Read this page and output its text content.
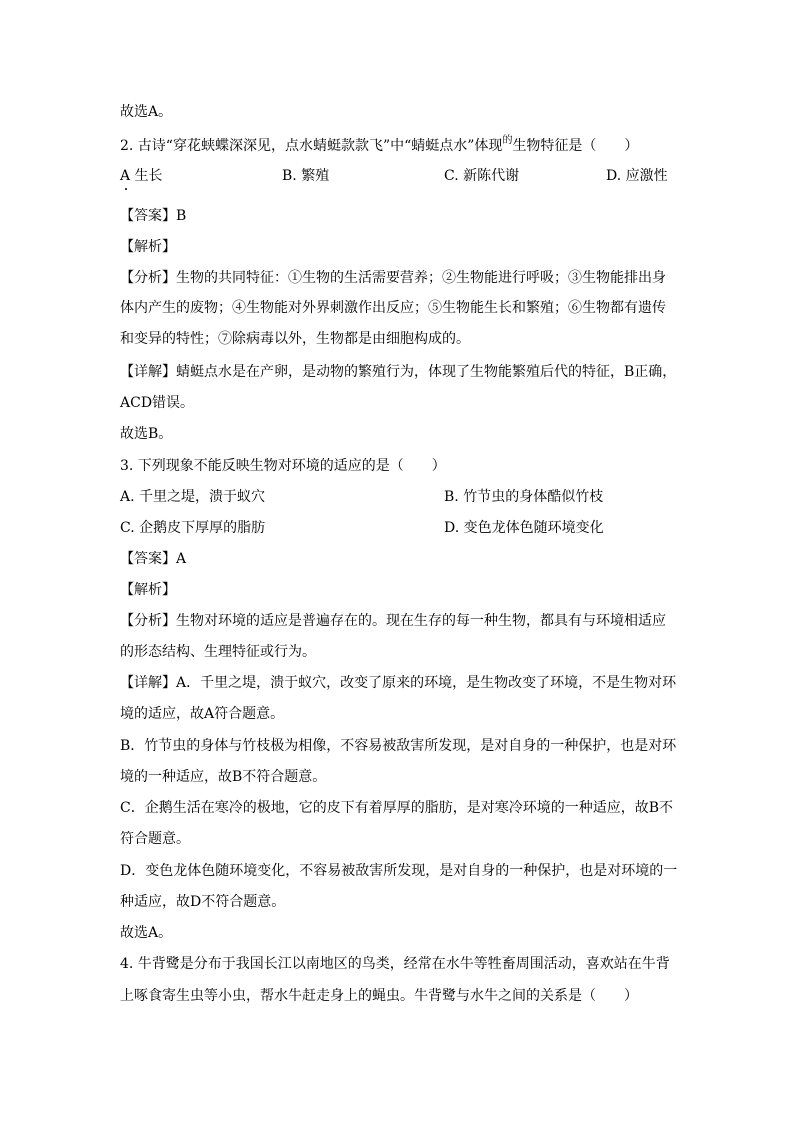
故选A。

2. 古诗“穿花蛱蝶深深见，点水蜻蜓款款飞”中“蜻蜓点水”体现$^的$生物特征是（　　）

A 生长	B. 繁殖	C. 新陈代谢	D. 应激性

【答案】B

【解析】

【分析】生物的共同特征：①生物的生活需要营养；②生物能进行呼吸；③生物能排出身

体内产生的废物；④生物能对外界刺激作出反应；⑤生物能生长和繁殖；⑥生物都有遗传

和变异的特性；⑦除病毒以外，生物都是由细胞构成的。

【详解】蜻蜓点水是在产卵，是动物的繁殖行为，体现了生物能繁殖后代的特征，B正确，

ACD错误。

故选B。

3. 下列现象不能反映生物对环境的适应的是（　　）

A. 千里之堤，溃于蚁穴	B. 竹节虫的身体酷似竹枝
C. 企鹅皮下厚厚的脂肪	D. 变色龙体色随环境变化

【答案】A

【解析】

【分析】生物对环境的适应是普遍存在的。现在生存的每一种生物，都具有与环境相适应

的形态结构、生理特征或行为。

【详解】A．千里之堤，溃于蚁穴，改变了原来的环境，是生物改变了环境，不是生物对环

境的适应，故A符合题意。

B．竹节虫的身体与竹枝极为相像，不容易被敌害所发现，是对自身的一种保护，也是对环

境的一种适应，故B不符合题意。

C．企鹅生活在寒冷的极地，它的皮下有着厚厚的脂肪，是对寒冷环境的一种适应，故B不

符合题意。

D．变色龙体色随环境变化，不容易被敌害所发现，是对自身的一种保护，也是对环境的一

种适应，故D不符合题意。

故选A。

4. 牛背鹭是分布于我国长江以南地区的鸟类，经常在水牛等牲畜周围活动，喜欢站在牛背

上啄食寄生虫等小虫，帮水牛赶走身上的蝇虫。牛背鹭与水牛之间的关系是（　　）
